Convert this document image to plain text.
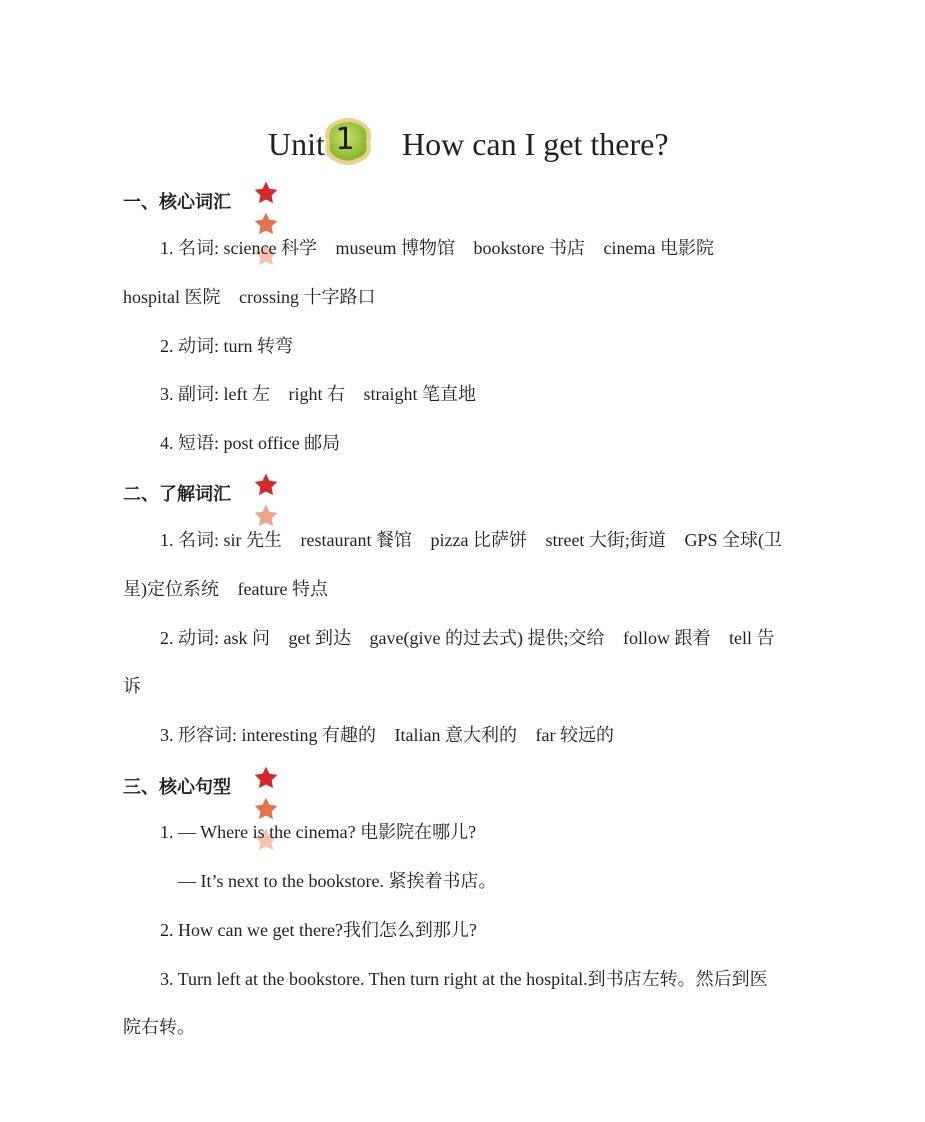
Unit 1	How can I get there?
一、核心词汇

1. 名词: science 科学 museum 博物馆 bookstore 书店 cinema 电影院
hospital 医院 crossing 十字路口
2. 动词: turn 转弯
3. 副词: left 左 right 右 straight 笔直地
4. 短语: post office 邮局
二、了解词汇

1. 名词: sir 先生 restaurant 餐馆 pizza 比萨饼 street 大街;街道 GPS 全球(卫
星)定位系统 feature 特点
2. 动词: ask 问 get 到达 gave(give 的过去式) 提供;交给 follow 跟着 tell 告
诉
3. 形容词: interesting 有趣的 Italian 意大利的 far 较远的
三、核心句型

1. — Where is the cinema? 电影院在哪儿?
— It’s next to the bookstore. 紧挨着书店。
2. How can we get there?我们怎么到那儿?
3. Turn left at the bookstore. Then turn right at the hospital.到书店左转。然后到医
院右转。
